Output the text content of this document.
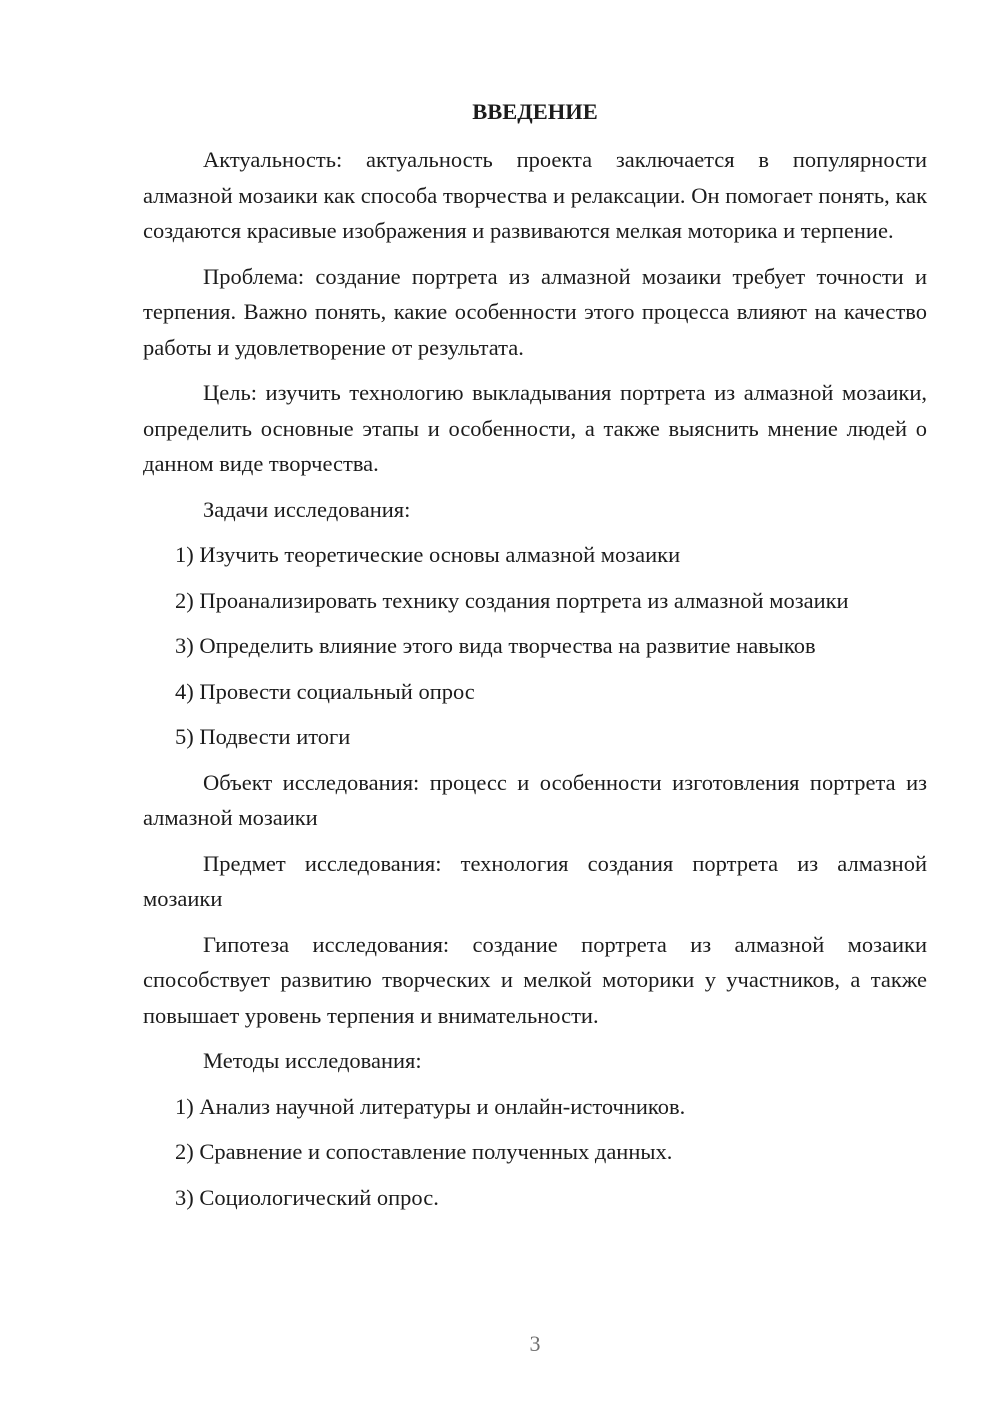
ВВЕДЕНИЕ

Актуальность: актуальность проекта заключается в популярности алмазной мозаики как способа творчества и релаксации. Он помогает понять, как создаются красивые изображения и развиваются мелкая моторика и терпение.

Проблема: создание портрета из алмазной мозаики требует точности и терпения. Важно понять, какие особенности этого процесса влияют на качество работы и удовлетворение от результата.

Цель: изучить технологию выкладывания портрета из алмазной мозаики, определить основные этапы и особенности, а также выяснить мнение людей о данном виде творчества.

Задачи исследования:
1) Изучить теоретические основы алмазной мозаики
2) Проанализировать технику создания портрета из алмазной мозаики
3) Определить влияние этого вида творчества на развитие навыков
4) Провести социальный опрос
5) Подвести итоги

Объект исследования: процесс и особенности изготовления портрета из алмазной мозаики

Предмет исследования: технология создания портрета из алмазной мозаики

Гипотеза исследования: создание портрета из алмазной мозаики способствует развитию творческих и мелкой моторики у участников, а также повышает уровень терпения и внимательности.

Методы исследования:
1) Анализ научной литературы и онлайн-источников.
2) Сравнение и сопоставление полученных данных.
3) Социологический опрос.
3
